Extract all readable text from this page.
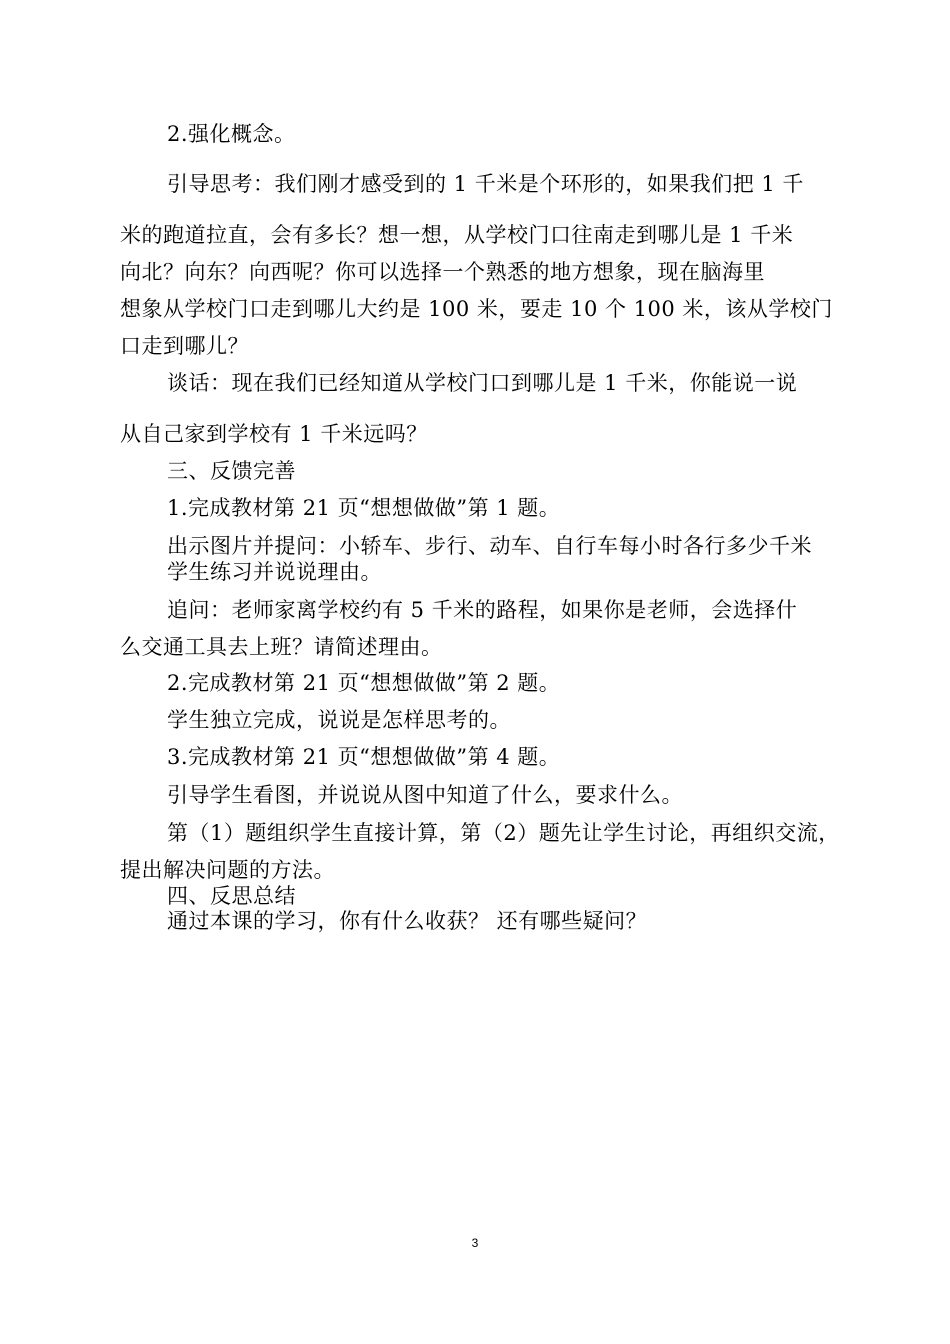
2.强化概念。
引导思考：我们刚才感受到的 1 千米是个环形的，如果我们把 1 千
米的跑道拉直，会有多长？想一想，从学校门口往南走到哪儿是 1 千米
向北？向东？向西呢？你可以选择一个熟悉的地方想象，现在脑海里
想象从学校门口走到哪儿大约是 100 米，要走 10 个 100 米，该从学校门
口走到哪儿？
谈话：现在我们已经知道从学校门口到哪儿是 1 千米，你能说一说
从自己家到学校有 1 千米远吗？
三、反馈完善
1.完成教材第 21 页“想想做做”第 1 题。
出示图片并提问：小轿车、步行、动车、自行车每小时各行多少千米
学生练习并说说理由。
追问：老师家离学校约有 5 千米的路程，如果你是老师，会选择什
么交通工具去上班？请简述理由。
2.完成教材第 21 页“想想做做”第 2 题。
学生独立完成，说说是怎样思考的。
3.完成教材第 21 页“想想做做”第 4 题。
引导学生看图，并说说从图中知道了什么，要求什么。
第（1）题组织学生直接计算，第（2）题先让学生讨论，再组织交流，
提出解决问题的方法。
四、反思总结
通过本课的学习，你有什么收获？ 还有哪些疑问？
3
